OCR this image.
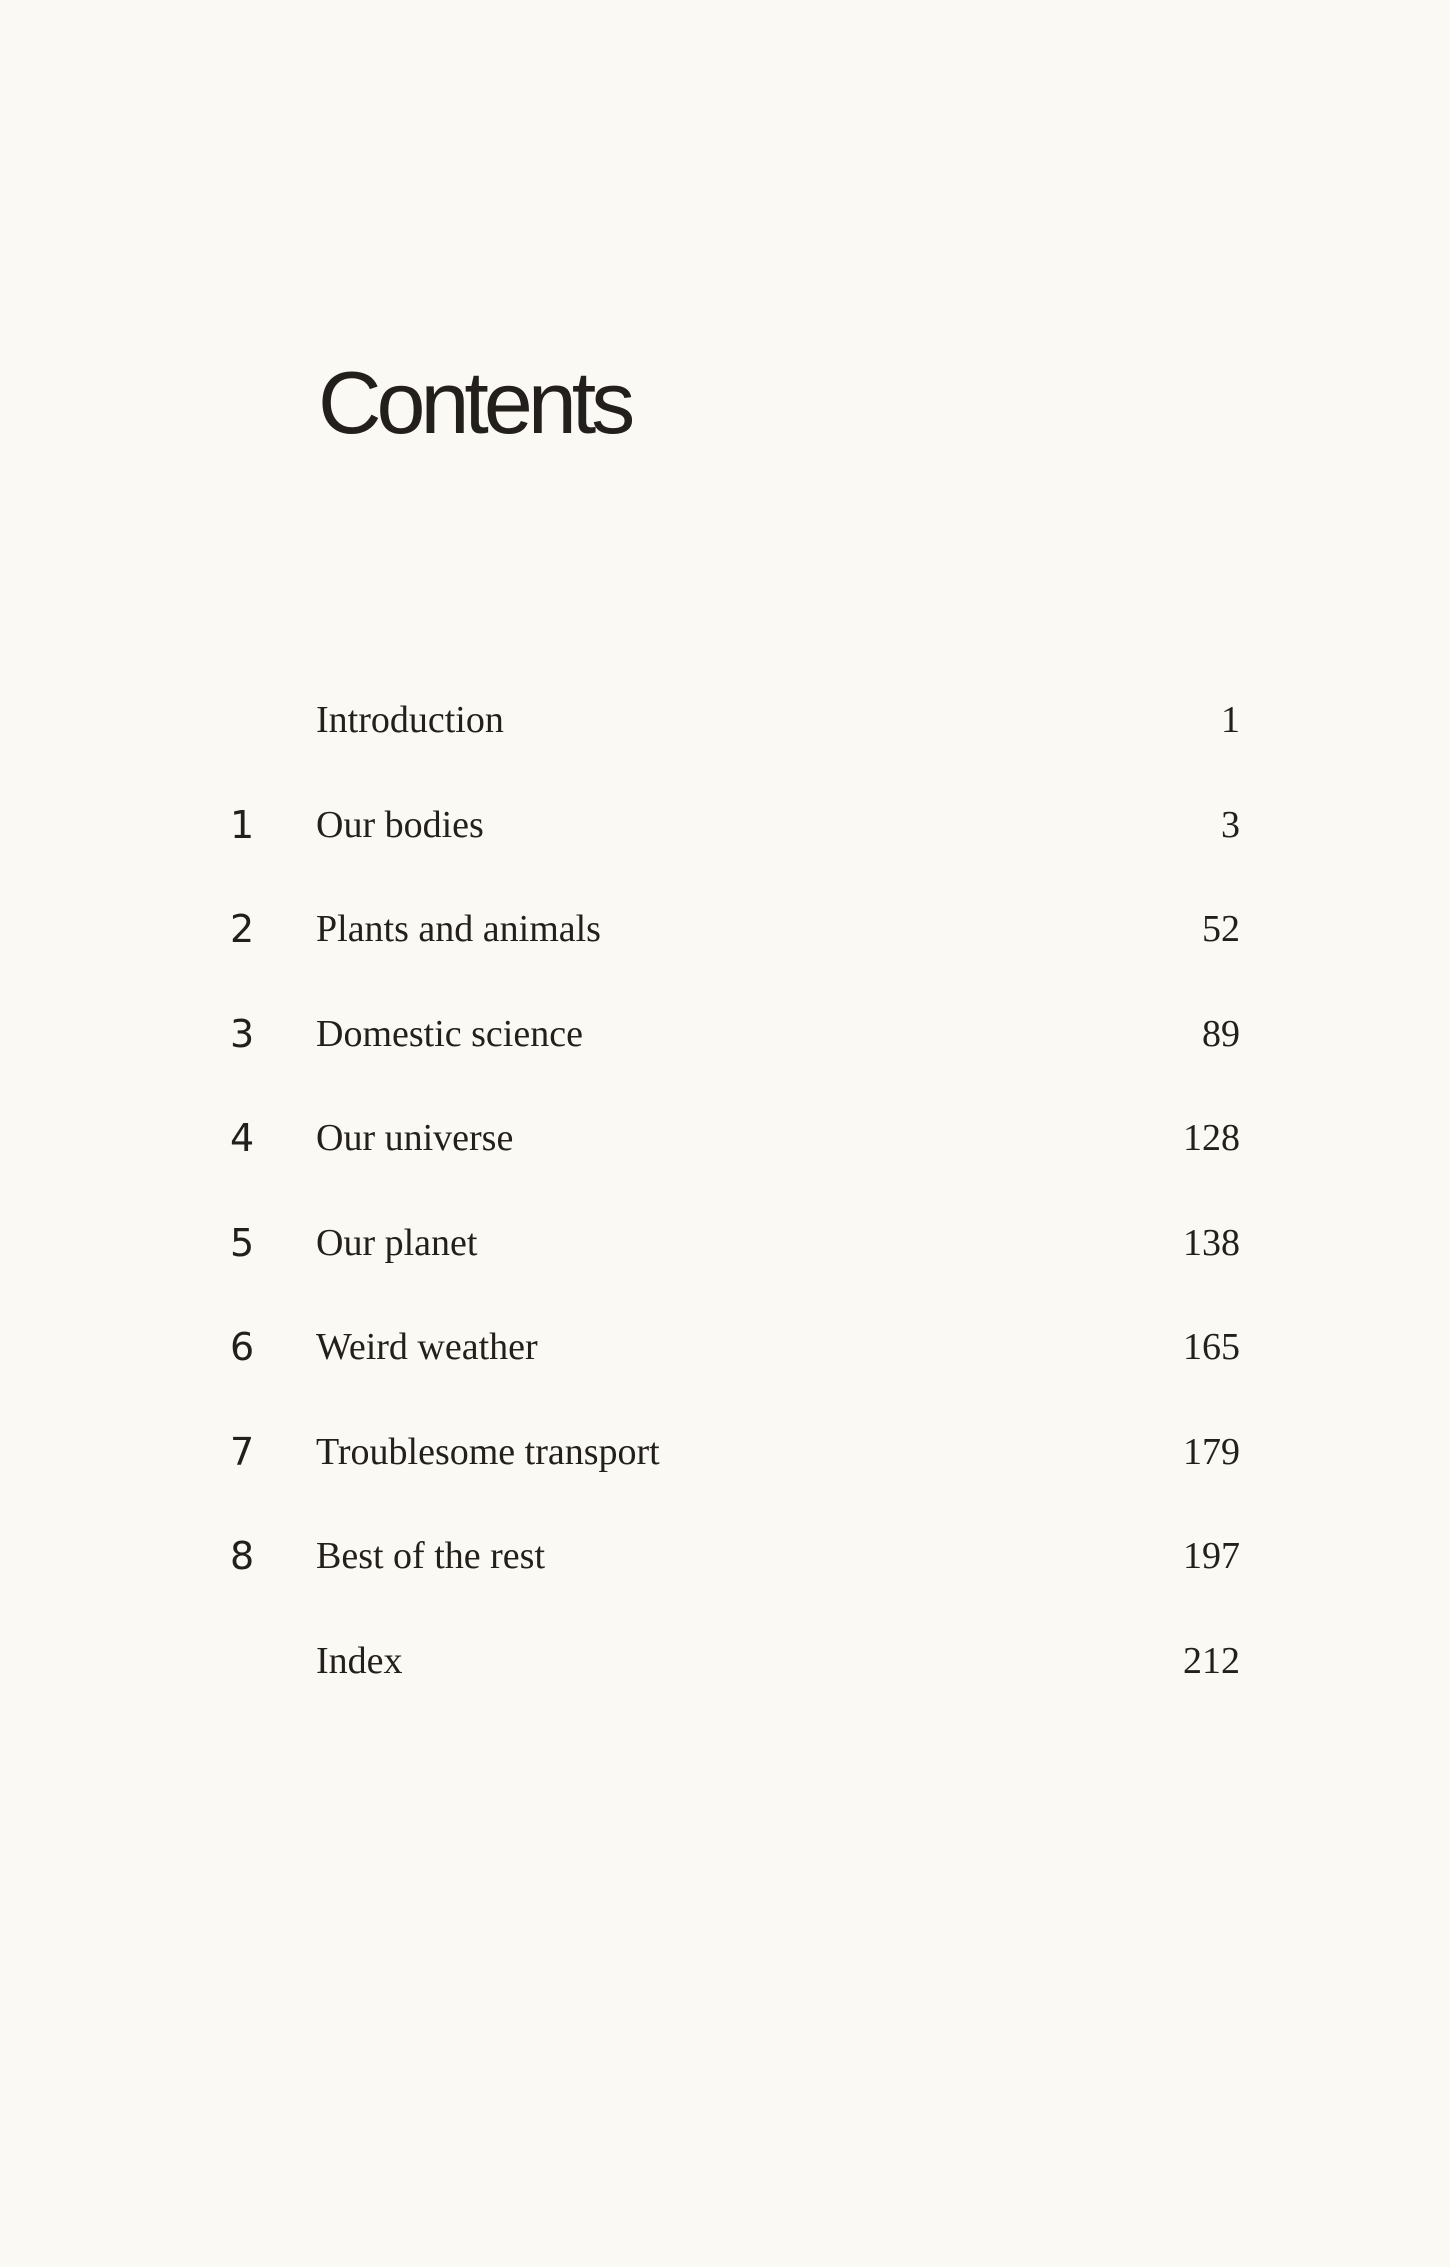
Contents
Introduction	1
1 Our bodies	3
2 Plants and animals	52
3 Domestic science	89
4 Our universe	128
5 Our planet	138
6 Weird weather	165
7 Troublesome transport	179
8 Best of the rest	197
Index	212
